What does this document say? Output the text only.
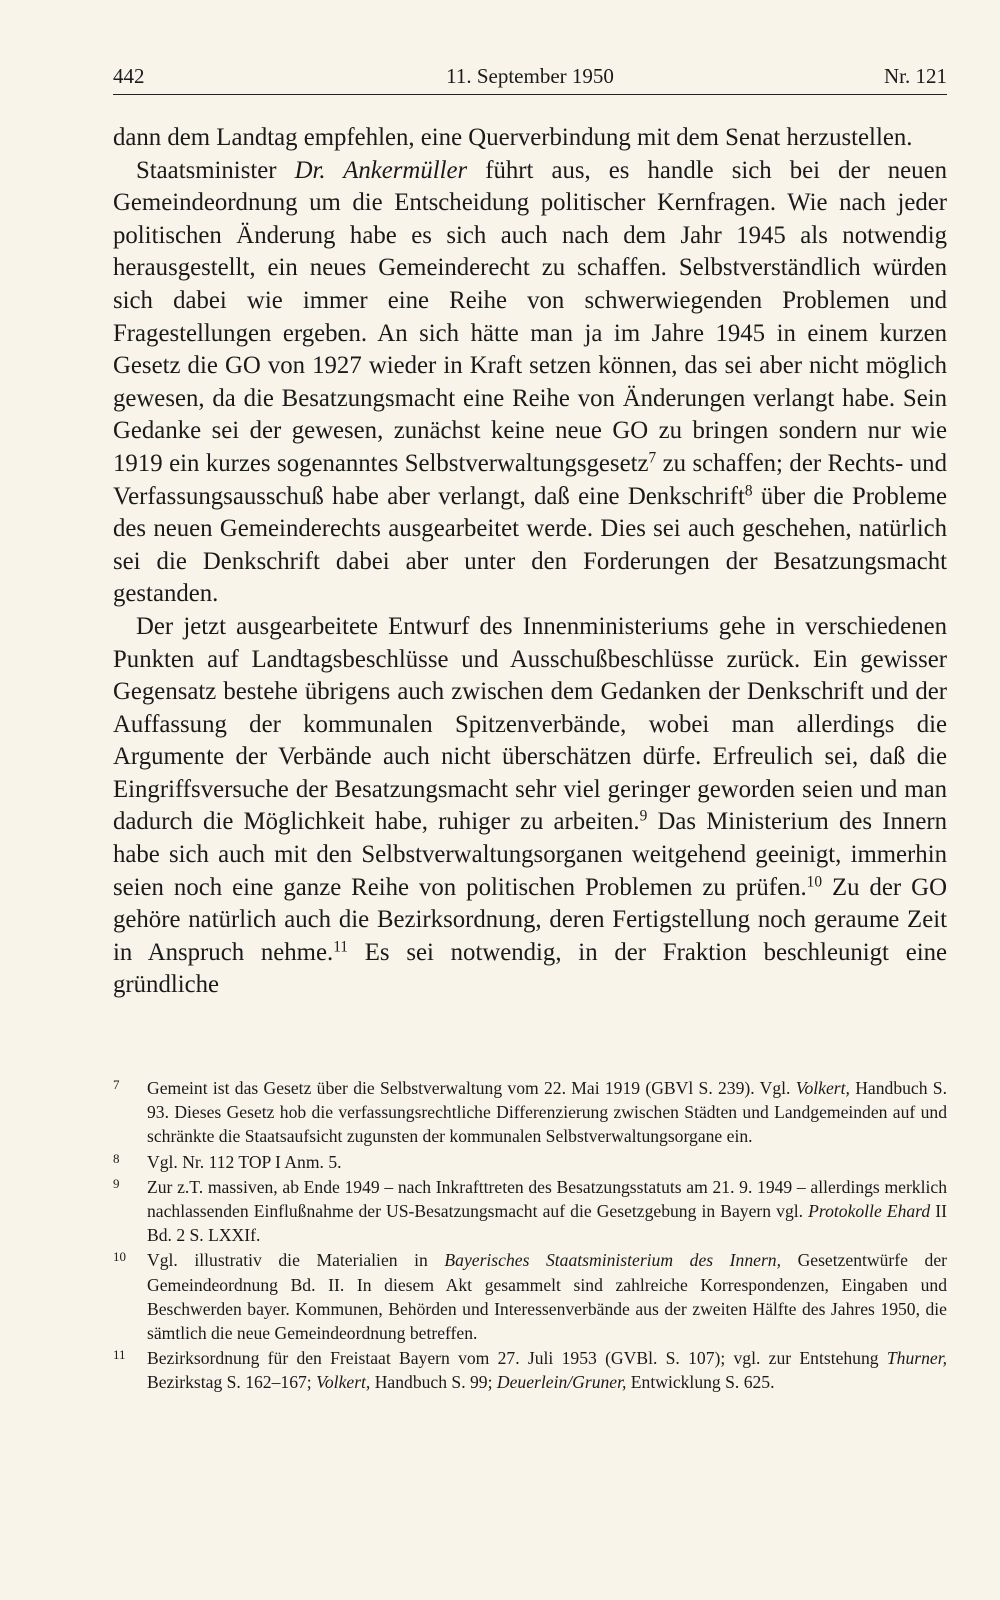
442	11. September 1950	Nr. 121

dann dem Landtag empfehlen, eine Querverbindung mit dem Senat herzustellen.

Staatsminister Dr. Ankermüller führt aus, es handle sich bei der neuen Gemeindeordnung um die Entscheidung politischer Kernfragen. Wie nach jeder politischen Änderung habe es sich auch nach dem Jahr 1945 als notwendig herausgestellt, ein neues Gemeinderecht zu schaffen. Selbstverständlich würden sich dabei wie immer eine Reihe von schwerwiegenden Problemen und Fragestellungen ergeben. An sich hätte man ja im Jahre 1945 in einem kurzen Gesetz die GO von 1927 wieder in Kraft setzen können, das sei aber nicht möglich gewesen, da die Besatzungsmacht eine Reihe von Änderungen verlangt habe. Sein Gedanke sei der gewesen, zunächst keine neue GO zu bringen sondern nur wie 1919 ein kurzes sogenanntes Selbstverwaltungsgesetz$^7$ zu schaffen; der Rechts- und Verfassungsausschuß habe aber verlangt, daß eine Denkschrift$^8$ über die Probleme des neuen Gemeinderechts ausgearbeitet werde. Dies sei auch geschehen, natürlich sei die Denkschrift dabei aber unter den Forderungen der Besatzungsmacht gestanden.

Der jetzt ausgearbeitete Entwurf des Innenministeriums gehe in verschiedenen Punkten auf Landtagsbeschlüsse und Ausschußbeschlüsse zurück. Ein gewisser Gegensatz bestehe übrigens auch zwischen dem Gedanken der Denkschrift und der Auffassung der kommunalen Spitzenverbände, wobei man allerdings die Argumente der Verbände auch nicht überschätzen dürfe. Erfreulich sei, daß die Eingriffsversuche der Besatzungsmacht sehr viel geringer geworden seien und man dadurch die Möglichkeit habe, ruhiger zu arbeiten.$^9$ Das Ministerium des Innern habe sich auch mit den Selbstverwaltungsorganen weitgehend geeinigt, immerhin seien noch eine ganze Reihe von politischen Problemen zu prüfen.$^{10}$ Zu der GO gehöre natürlich auch die Bezirksordnung, deren Fertigstellung noch geraume Zeit in Anspruch nehme.$^{11}$ Es sei notwendig, in der Fraktion beschleunigt eine gründliche

7	Gemeint ist das Gesetz über die Selbstverwaltung vom 22. Mai 1919 (GBVl S. 239). Vgl. Volkert, Handbuch S. 93. Dieses Gesetz hob die verfassungsrechtliche Differenzierung zwischen Städten und Landgemeinden auf und schränkte die Staatsaufsicht zugunsten der kommunalen Selbstverwaltungsorgane ein.
8	Vgl. Nr. 112 TOP I Anm. 5.
9	Zur z.T. massiven, ab Ende 1949 – nach Inkrafttreten des Besatzungsstatuts am 21. 9. 1949 – allerdings merklich nachlassenden Einflußnahme der US-Besatzungsmacht auf die Gesetzgebung in Bayern vgl. Protokolle Ehard II Bd. 2 S. LXXIf.
10	Vgl. illustrativ die Materialien in Bayerisches Staatsministerium des Innern, Gesetzentwürfe der Gemeindeordnung Bd. II. In diesem Akt gesammelt sind zahlreiche Korrespondenzen, Eingaben und Beschwerden bayer. Kommunen, Behörden und Interessenverbände aus der zweiten Hälfte des Jahres 1950, die sämtlich die neue Gemeindeordnung betreffen.
11	Bezirksordnung für den Freistaat Bayern vom 27. Juli 1953 (GVBl. S. 107); vgl. zur Entstehung Thurner, Bezirkstag S. 162–167; Volkert, Handbuch S. 99; Deuerlein/Gruner, Entwicklung S. 625.
